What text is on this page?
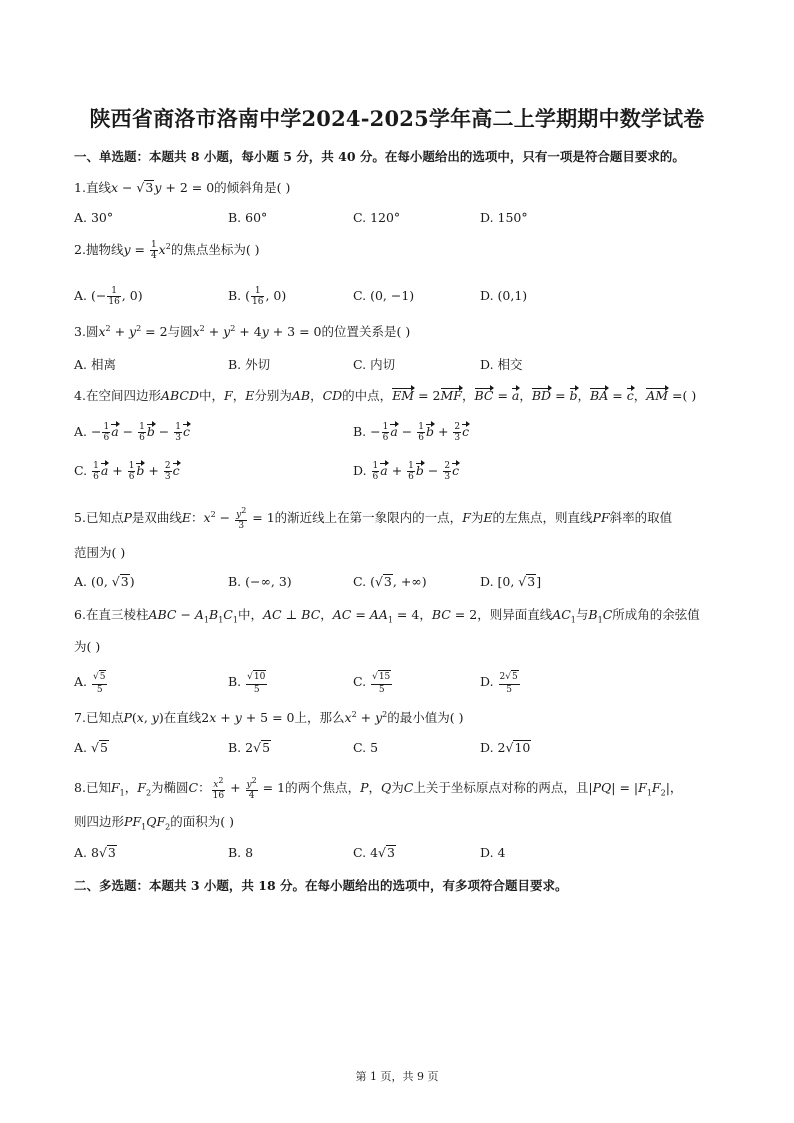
陕西省商洛市洛南中学2024-2025学年高二上学期期中数学试卷
一、单选题：本题共 8 小题，每小题 5 分，共 40 分。在每小题给出的选项中，只有一项是符合题目要求的。
1.直线x − √3y + 2 = 0的倾斜角是( )
A. 30°	B. 60°	C. 120°	D. 150°
2.抛物线$y = \frac{1}{4} x^2$的焦点坐标为( )
A. (− $\frac{1}{16}$ , 0)	B. ( $\frac{1}{16}$ , 0)	C. (0, −1)	D. (0,1)
3.圆$x^2 + y^2 = 2$与圆$x^2 + y^2 + 4y + 3 = 0$的位置关系是( )
A. 相离	B. 外切	C. 内切	D. 相交
4.在空间四边形ABCD中，F，E分别为AB，CD的中点，EM = 2MF，BC = a，BD = b，BA = c，AM =( )
A. − $\frac{1}{6}$ $a - \frac{1}{6}$ $b - \frac{1}{3}$ c	B. − $\frac{1}{6}$ $a - \frac{1}{6}$ $b + \frac{2}{3}$ c
C. $\frac{1}{6}$ $a + \frac{1}{6}$ $b + \frac{2}{3}$ c	D. $\frac{1}{6}$ $a + \frac{1}{6}$ $b - \frac{2}{3}$ c
5.已知点P是双曲线E：$x^2 - \frac{y^2}{3} = 1$的渐近线上在第一象限内的一点，F为E的左焦点，则直线PF斜率的取值
范围为( )
A. (0, √3)	B. (−∞, 3)	C. (√3, +∞)	D. [0, √3]
6.在直三棱柱ABC − $A_1B_1C_1$中，AC ⊥ BC，AC = $AA_1 = 4$，BC = 2，则异面直线$AC_1$与$B_1C$所成角的余弦值
为( )
A. $\frac{√5}{5}$	B. $\frac{√10}{5}$	C. $\frac{√15}{5}$	D. $\frac{2√5}{5}$
7.已知点P(x, y)在直线2x + y + 5 = 0上，那么$x^2 + y^2$的最小值为( )
A. √5	B. 2√5	C. 5	D. 2√10
8.已知$F_1$，$F_2$为椭圆C： $\frac{x^2}{16} + \frac{y^2}{4} = 1$的两个焦点，P，Q为C上关于坐标原点对称的两点，且$|PQ| = |F_1F_2|$，
则四边形$PF_1QF_2$的面积为( )
A. 8√3	B. 8	C. 4√3	D. 4
二、多选题：本题共 3 小题，共 18 分。在每小题给出的选项中，有多项符合题目要求。
第 1 页，共 9 页
